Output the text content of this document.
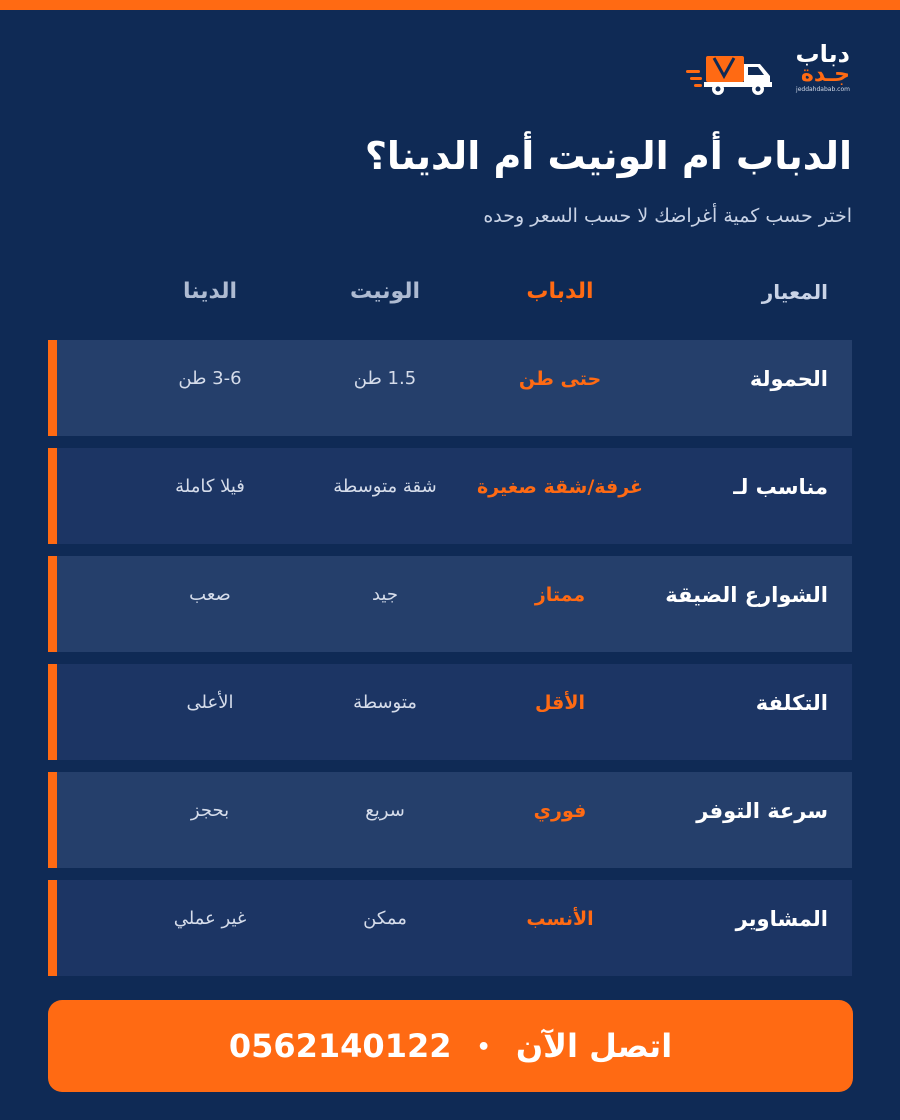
دباب
جـدة
jeddahdabab.com
الدباب أم الونيت أم الدينا؟

اختر حسب كمية أغراضك لا حسب السعر وحده

المعيار
الدباب
الونيت
الدينا
الحمولة
حتى طن
1.5 طن
3-6 طن
مناسب لـ
غرفة/شقة صغيرة
شقة متوسطة
فيلا كاملة
الشوارع الضيقة
ممتاز
جيد
صعب
التكلفة
الأقل
متوسطة
الأعلى
سرعة التوفر
فوري
سريع
بحجز
المشاوير
الأنسب
ممكن
غير عملي
اتصل الآن • 0562140122
